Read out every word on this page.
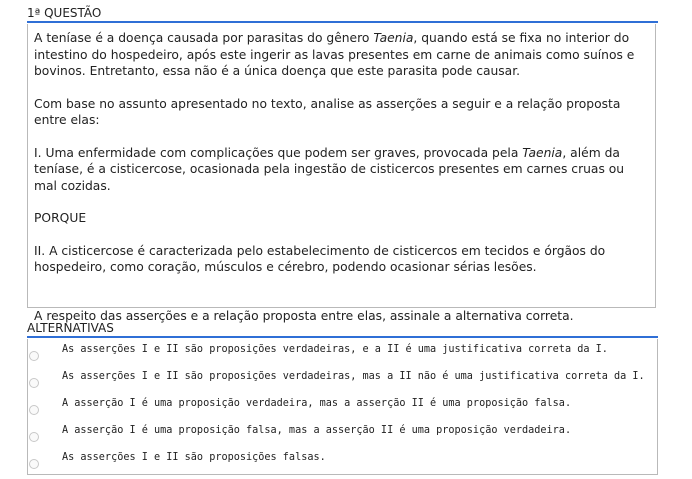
1ª QUESTÃO

A teníase é a doença causada por parasitas do gênero Taenia, quando está se fixa no interior do intestino do hospedeiro, após este ingerir as lavas presentes em carne de animais como suínos e bovinos. Entretanto, essa não é a única doença que este parasita pode causar.

Com base no assunto apresentado no texto, analise as asserções a seguir e a relação proposta entre elas:

I. Uma enfermidade com complicações que podem ser graves, provocada pela Taenia, além da teníase, é a cisticercose, ocasionada pela ingestão de cisticercos presentes em carnes cruas ou mal cozidas.

PORQUE

II. A cisticercose é caracterizada pelo estabelecimento de cisticercos em tecidos e órgãos do hospedeiro, como coração, músculos e cérebro, podendo ocasionar sérias lesões.

A respeito das asserções e a relação proposta entre elas, assinale a alternativa correta.

ALTERNATIVAS
As asserções I e II são proposições verdadeiras, e a II é uma justificativa correta da I.
As asserções I e II são proposições verdadeiras, mas a II não é uma justificativa correta da I.
A asserção I é uma proposição verdadeira, mas a asserção II é uma proposição falsa.
A asserção I é uma proposição falsa, mas a asserção II é uma proposição verdadeira.
As asserções I e II são proposições falsas.
